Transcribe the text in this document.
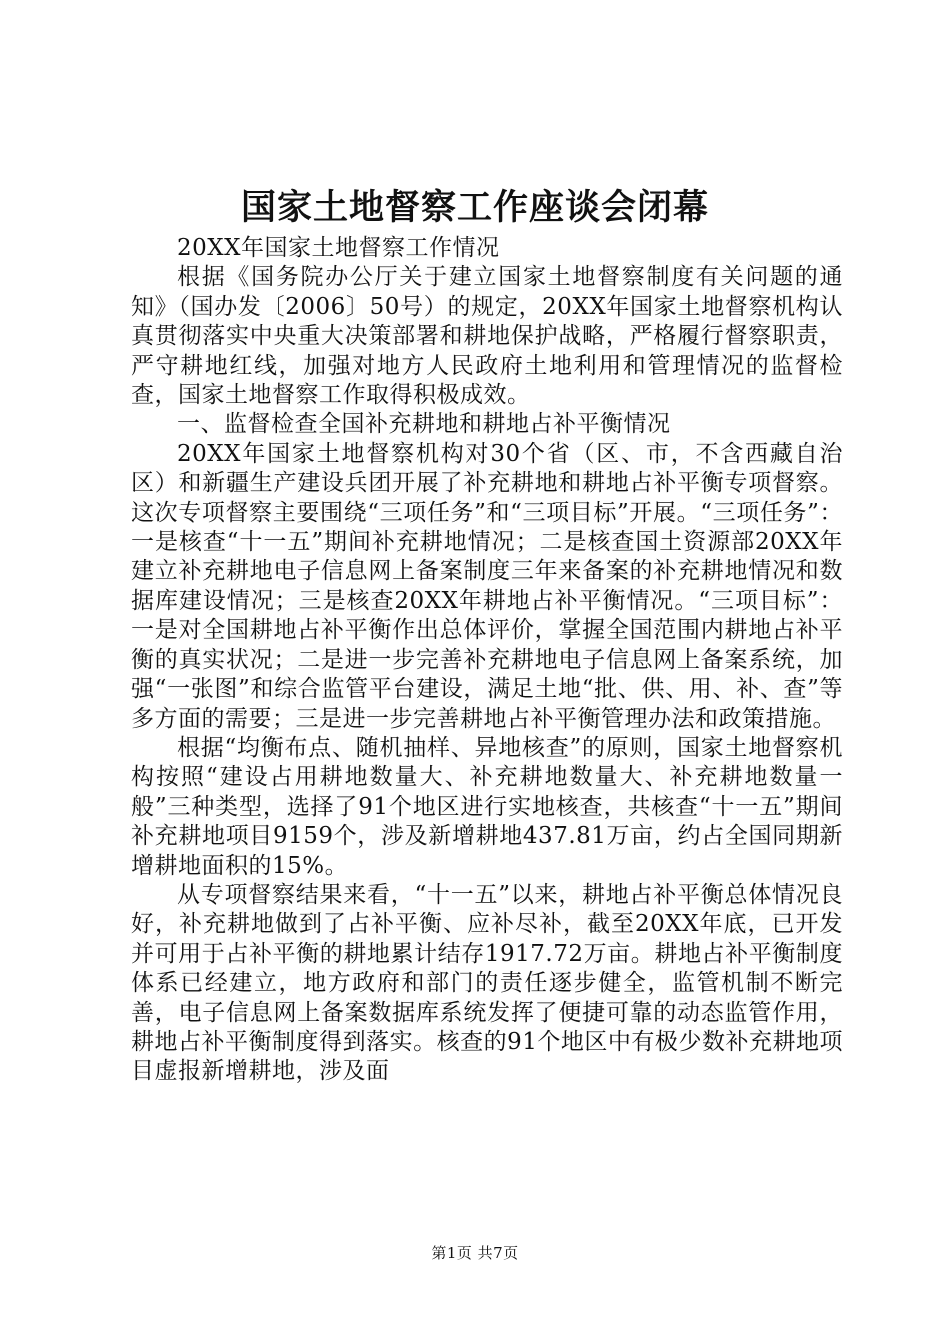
国家土地督察工作座谈会闭幕

20XX年国家土地督察工作情况

根据《国务院办公厅关于建立国家土地督察制度有关问题的通知》（国办发〔2006〕50号）的规定，20XX年国家土地督察机构认真贯彻落实中央重大决策部署和耕地保护战略，严格履行督察职责，严守耕地红线，加强对地方人民政府土地利用和管理情况的监督检查，国家土地督察工作取得积极成效。

一、监督检查全国补充耕地和耕地占补平衡情况

20XX年国家土地督察机构对30个省（区、市，不含西藏自治区）和新疆生产建设兵团开展了补充耕地和耕地占补平衡专项督察。这次专项督察主要围绕“三项任务”和“三项目标”开展。“三项任务”：一是核查“十一五”期间补充耕地情况；二是核查国土资源部20XX年建立补充耕地电子信息网上备案制度三年来备案的补充耕地情况和数据库建设情况；三是核查20XX年耕地占补平衡情况。“三项目标”：一是对全国耕地占补平衡作出总体评价，掌握全国范围内耕地占补平衡的真实状况；二是进一步完善补充耕地电子信息网上备案系统，加强“一张图”和综合监管平台建设，满足土地“批、供、用、补、查”等多方面的需要；三是进一步完善耕地占补平衡管理办法和政策措施。

根据“均衡布点、随机抽样、异地核查”的原则，国家土地督察机构按照“建设占用耕地数量大、补充耕地数量大、补充耕地数量一般”三种类型，选择了91个地区进行实地核查，共核查“十一五”期间补充耕地项目9159个，涉及新增耕地437.81万亩，约占全国同期新增耕地面积的15%。

从专项督察结果来看，“十一五”以来，耕地占补平衡总体情况良好，补充耕地做到了占补平衡、应补尽补，截至20XX年底，已开发并可用于占补平衡的耕地累计结存1917.72万亩。耕地占补平衡制度体系已经建立，地方政府和部门的责任逐步健全，监管机制不断完善，电子信息网上备案数据库系统发挥了便捷可靠的动态监管作用，耕地占补平衡制度得到落实。核查的91个地区中有极少数补充耕地项目虚报新增耕地，涉及面

第1页 共7页
